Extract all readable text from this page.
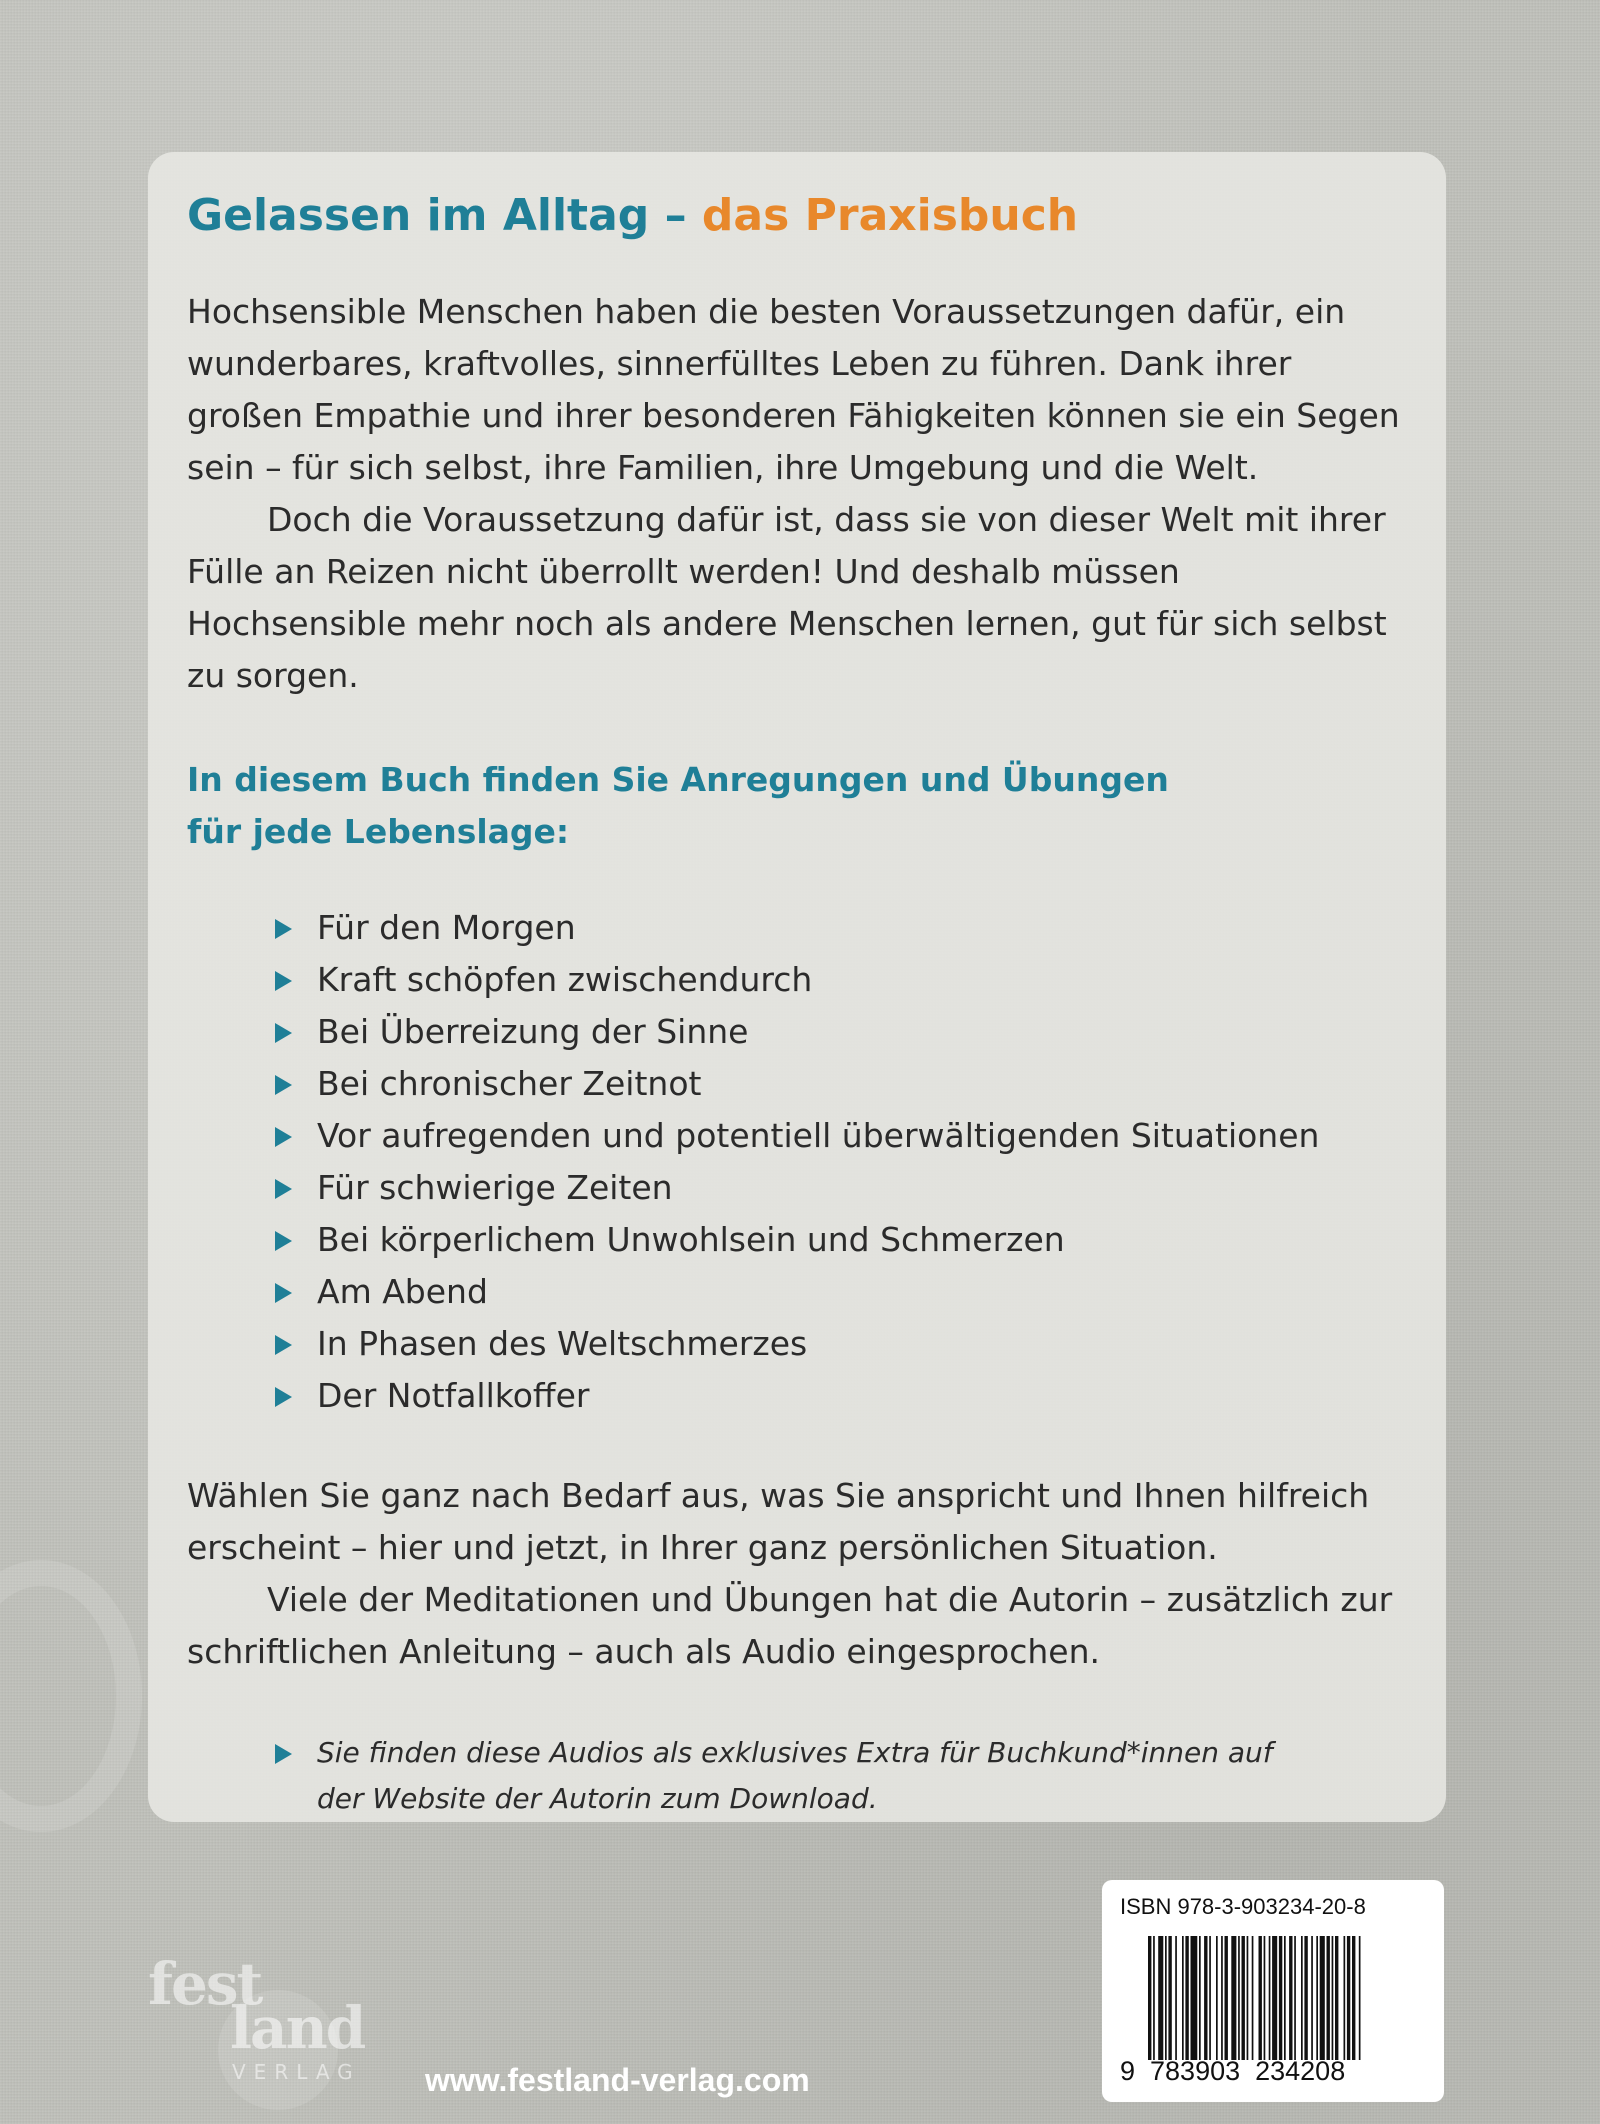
Gelassen im Alltag – das Praxisbuch

Hochsensible Menschen haben die besten Voraussetzungen dafür, ein wunderbares, kraftvolles, sinnerfülltes Leben zu führen. Dank ihrer großen Empathie und ihrer besonderen Fähigkeiten können sie ein Segen sein – für sich selbst, ihre Familien, ihre Umgebung und die Welt.

Doch die Voraussetzung dafür ist, dass sie von dieser Welt mit ihrer Fülle an Reizen nicht überrollt werden! Und deshalb müssen Hochsensible mehr noch als andere Menschen lernen, gut für sich selbst zu sorgen.

In diesem Buch finden Sie Anregungen und Übungen für jede Lebenslage:

Für den Morgen
Kraft schöpfen zwischendurch
Bei Überreizung der Sinne
Bei chronischer Zeitnot
Vor aufregenden und potentiell überwältigenden Situationen
Für schwierige Zeiten
Bei körperlichem Unwohlsein und Schmerzen
Am Abend
In Phasen des Weltschmerzes
Der Notfallkoffer

Wählen Sie ganz nach Bedarf aus, was Sie anspricht und Ihnen hilfreich erscheint – hier und jetzt, in Ihrer ganz persönlichen Situation.

Viele der Meditationen und Übungen hat die Autorin – zusätzlich zur schriftlichen Anleitung – auch als Audio eingesprochen.

Sie finden diese Audios als exklusives Extra für Buchkund*innen auf der Website der Autorin zum Download.
fest
land
VERLAG www.festland-verlag.com
ISBN 978-3-903234-20-8
9  783903  234208
